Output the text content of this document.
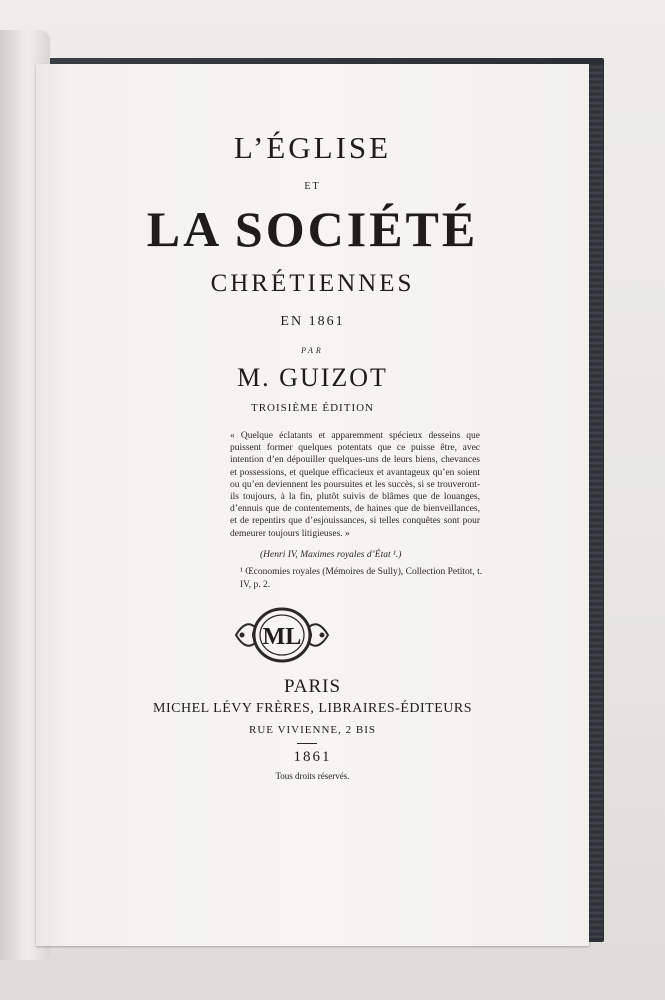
L’ÉGLISE
ET
LA SOCIÉTÉ
CHRÉTIENNES
EN 1861
PAR
M. GUIZOT
TROISIÈME ÉDITION
« Quelque éclatants et apparemment spécieux desseins que puissent former quelques potentats que ce puisse être, avec intention d’en dépouiller quelques-uns de leurs biens, chevances et possessions, et quelque efficacieux et avantageux qu’en soient ou qu’en deviennent les poursuites et les succès, si se trouveront-ils toujours, à la fin, plutôt suivis de blâmes que de louanges, d’ennuis que de contentements, de haines que de bienveillances, et de repentirs que d’esjouissances, si telles conquêtes sont pour demeurer toujours litigieuses. »
(Henri IV, Maximes royales d’État ¹.)
¹ Œconomies royales (Mémoires de Sully), Collection Petitot, t. IV, p. 2.
ML
PARIS
MICHEL LÉVY FRÈRES, LIBRAIRES-ÉDITEURS
RUE VIVIENNE, 2 BIS
1861
Tous droits réservés.
